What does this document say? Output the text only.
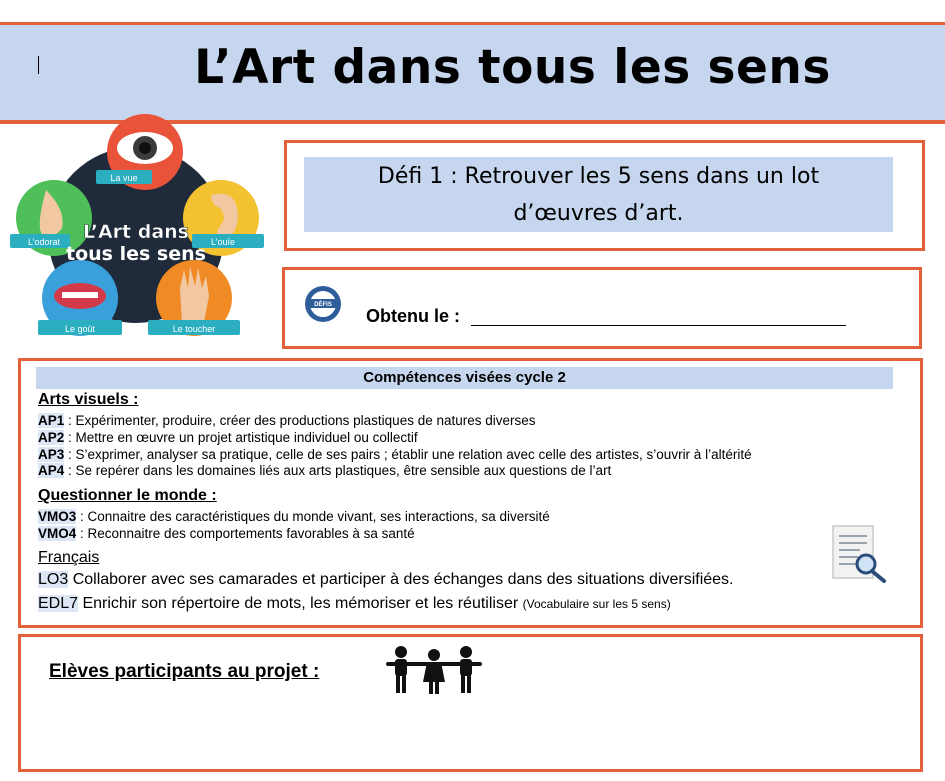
L’Art dans tous les sens
La vue
L’odorat	L’ouïe
Le goût	Le toucher
L’Art dans
tous les sens
Défi 1 : Retrouver les 5 sens dans un lot
d’œuvres d’art.
DÉFIS
Obtenu le :
Compétences visées cycle 2
Arts visuels :
AP1 : Expérimenter, produire, créer des productions plastiques de natures diverses
AP2 : Mettre en œuvre un projet artistique individuel ou collectif
AP3 : S’exprimer, analyser sa pratique, celle de ses pairs ; établir une relation avec celle des artistes, s’ouvrir à l’altérité
AP4 : Se repérer dans les domaines liés aux arts plastiques, être sensible aux questions de l’art
Questionner le monde :
VMO3 : Connaitre des caractéristiques du monde vivant, ses interactions, sa diversité
VMO4 : Reconnaitre des comportements favorables à sa santé
Français
LO3 Collaborer avec ses camarades et participer à des échanges dans des situations diversifiées.
EDL7 Enrichir son répertoire de mots, les mémoriser et les réutiliser (Vocabulaire sur les 5 sens)
Elèves participants au projet :
